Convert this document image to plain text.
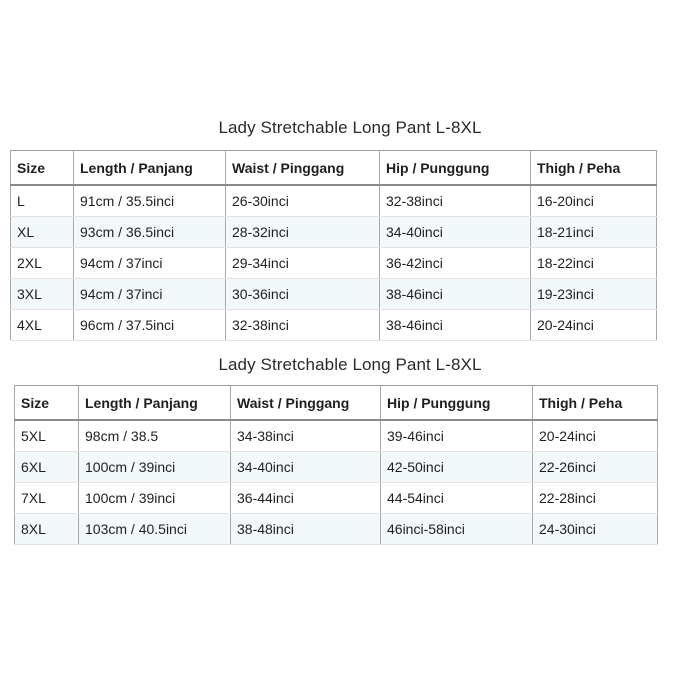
Lady Stretchable Long Pant L-8XL
Size	Length / Panjang	Waist / Pinggang	Hip / Punggung	Thigh / Peha
L	91cm / 35.5inci	26-30inci	32-38inci	16-20inci
XL	93cm / 36.5inci	28-32inci	34-40inci	18-21inci
2XL	94cm / 37inci	29-34inci	36-42inci	18-22inci
3XL	94cm / 37inci	30-36inci	38-46inci	19-23inci
4XL	96cm / 37.5inci	32-38inci	38-46inci	20-24inci
Lady Stretchable Long Pant L-8XL
Size	Length / Panjang	Waist / Pinggang	Hip / Punggung	Thigh / Peha
5XL	98cm / 38.5	34-38inci	39-46inci	20-24inci
6XL	100cm / 39inci	34-40inci	42-50inci	22-26inci
7XL	100cm / 39inci	36-44inci	44-54inci	22-28inci
8XL	103cm / 40.5inci	38-48inci	46inci-58inci	24-30inci
